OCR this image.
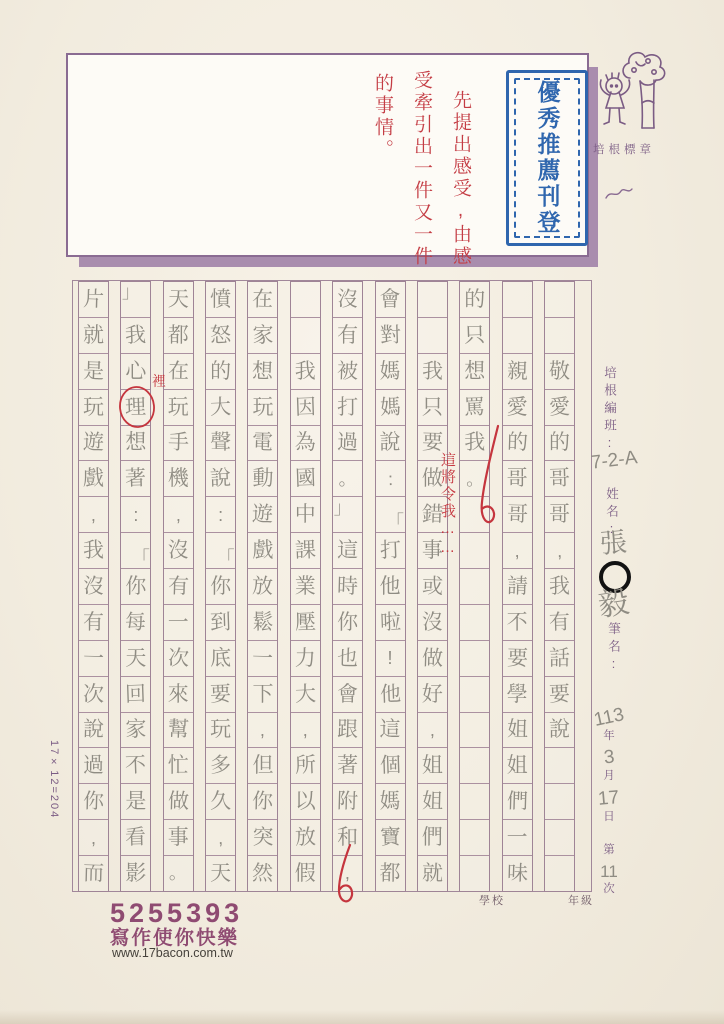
先提出感受,由感
受牽引出一件又一件
的事情。	優秀推薦刊登	培根標章
敬
愛
的
哥
哥
,
我
有
話
要
說
親
愛
的
哥
哥
,
請
不
要
學
姐
姐
們
一
味
的
只
想
罵
我
。
我
只
要
做
錯
事
或
沒
做
好
,
姐
姐
們
就
會
對
媽
媽
說
:
「
打
他
啦
!
他
這
個
媽
寶
都
沒
有
被
打
過
。
」
這
時
你
也
會
跟
著
附
和
,
我
因
為
國
中
課
業
壓
力
大
,
所
以
放
假
在
家
想
玩
電
動
遊
戲
放
鬆
一
下
,
但
你
突
然
憤
怒
的
大
聲
說
:
「
你
到
底
要
玩
多
久
,
天
天
都
在
玩
手
機
,
沒
有
一
次
來
幫
忙
做
事
。
」
我
心
理
想
著
:
「
你
每
天
回
家
不
是
看
影
片
就
是
玩
遊
戲
,
我
沒
有
一
次
說
過
你
,
而
裡
這將令我……
培根編班:
7-2-A
姓名:
張
毅
筆名:
113
年
3
月
17
日
第
11
次
學校	年級
5255393
寫作使你快樂
www.17bacon.com.tw
17×12=204
